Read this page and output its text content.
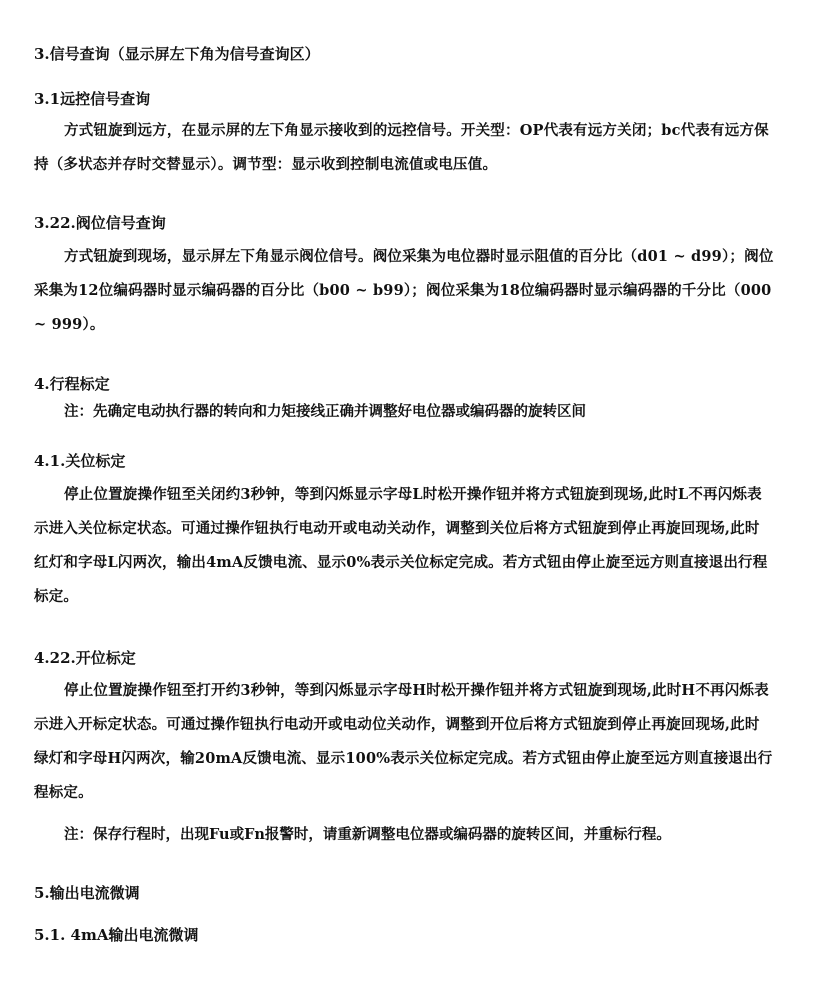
3.信号查询（显示屏左下角为信号查询区）
3.1远控信号查询
方式钮旋到远方，在显示屏的左下角显示接收到的远控信号。开关型：OP代表有远方关闭；bc代表有远方保持（多状态并存时交替显示）。调节型：显示收到控制电流值或电压值。
3.22.阀位信号查询
方式钮旋到现场，显示屏左下角显示阀位信号。阀位采集为电位器时显示阻值的百分比（d01 ~ d99）；阀位采集为12位编码器时显示编码器的百分比（b00 ~ b99）；阀位采集为18位编码器时显示编码器的千分比（000 ~ 999）。
4.行程标定
注：先确定电动执行器的转向和力矩接线正确并调整好电位器或编码器的旋转区间
4.1.关位标定
停止位置旋操作钮至关闭约3秒钟，等到闪烁显示字母L时松开操作钮并将方式钮旋到现场,此时L不再闪烁表示进入关位标定状态。可通过操作钮执行电动开或电动关动作，调整到关位后将方式钮旋到停止再旋回现场,此时红灯和字母L闪两次，输出4mA反馈电流、显示0%表示关位标定完成。若方式钮由停止旋至远方则直接退出行程标定。
4.22.开位标定
停止位置旋操作钮至打开约3秒钟，等到闪烁显示字母H时松开操作钮并将方式钮旋到现场,此时H不再闪烁表示进入开标定状态。可通过操作钮执行电动开或电动位关动作，调整到开位后将方式钮旋到停止再旋回现场,此时绿灯和字母H闪两次，输20mA反馈电流、显示100%表示关位标定完成。若方式钮由停止旋至远方则直接退出行程标定。
注：保存行程时，出现Fu或Fn报警时，请重新调整电位器或编码器的旋转区间，并重标行程。
5.输出电流微调
5.1. 4mA输出电流微调
